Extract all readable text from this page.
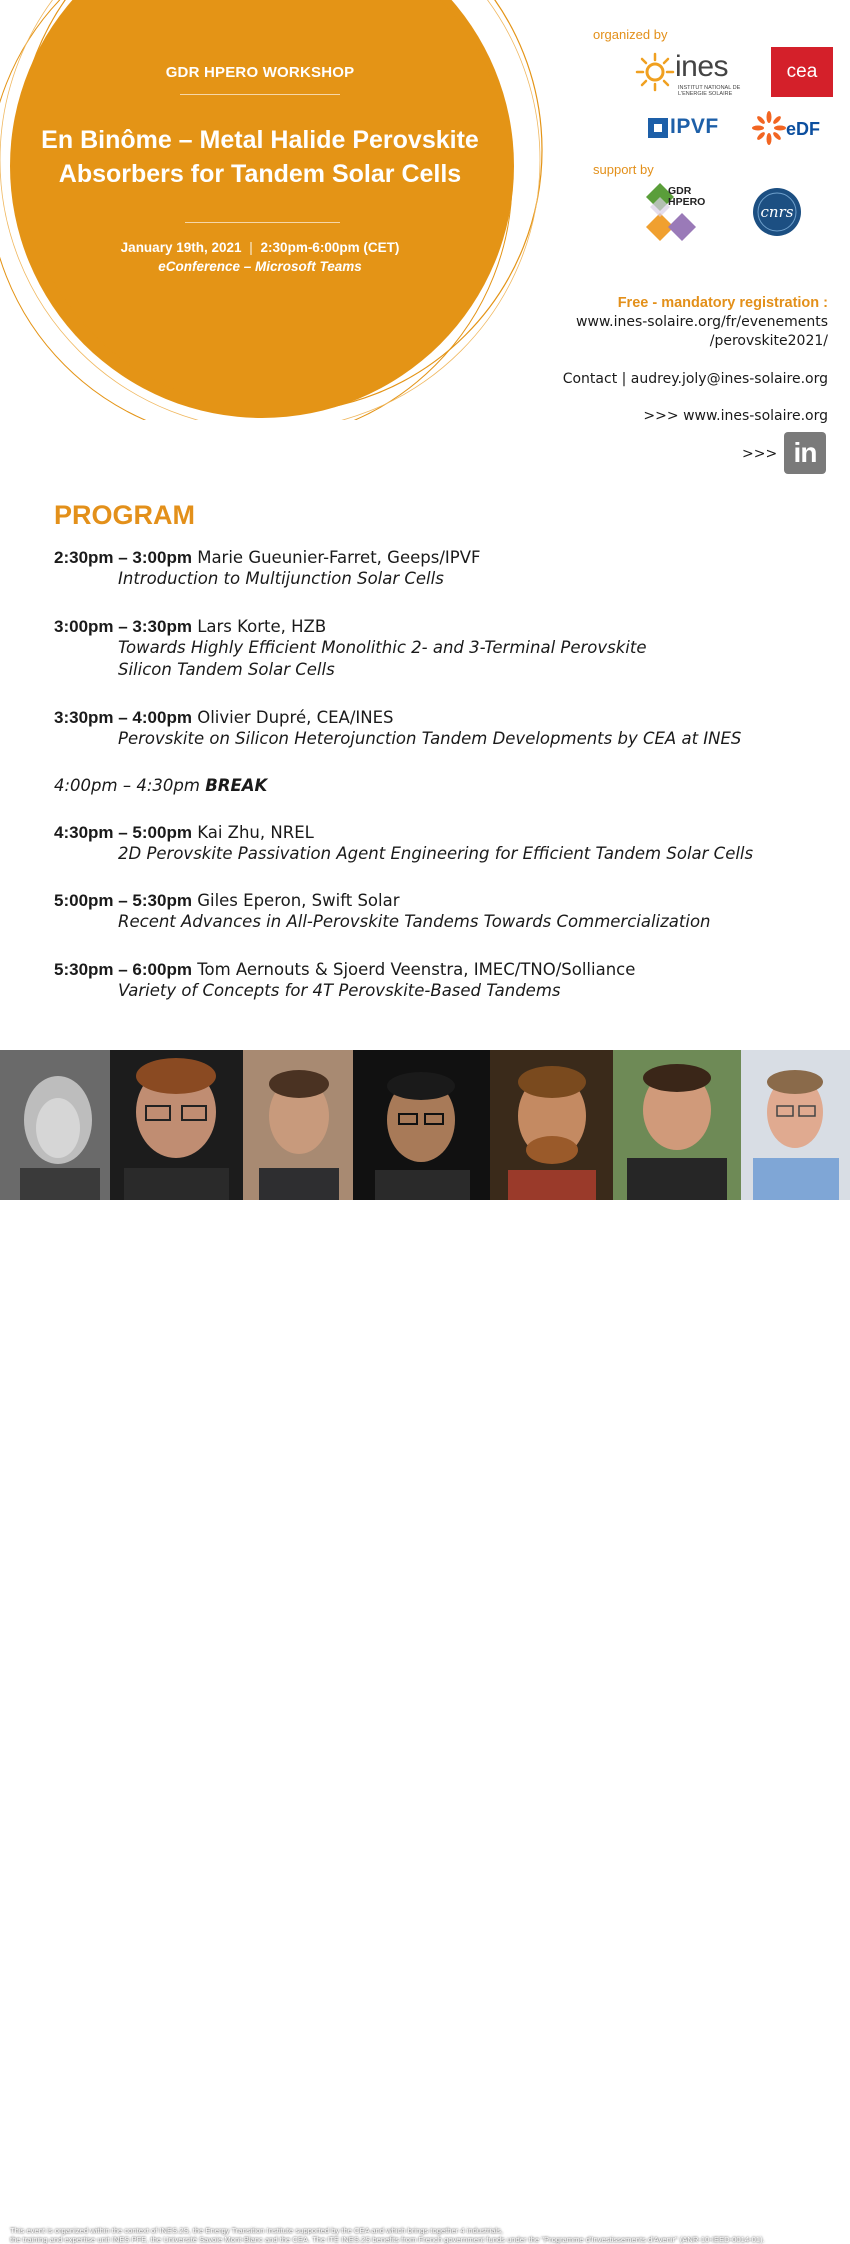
GDR HPERO WORKSHOP
En Binôme – Metal Halide Perovskite
Absorbers for Tandem Solar Cells
January 19th, 2021 | 2:30pm-6:00pm (CET)
eConference – Microsoft Teams
organized by
ines
INSTITUT NATIONAL DE L'ENERGIE SOLAIRE
cea
IPVF	eDF
support by
GDR
HPERO
cnrs
Free - mandatory registration :
www.ines-solaire.org/fr/evenements
/perovskite2021/
Contact | audrey.joly@ines-solaire.org
>>> www.ines-solaire.org
>>> in
PROGRAM
2:30pm – 3:00pm Marie Gueunier-Farret, Geeps/IPVF
Introduction to Multijunction Solar Cells
3:00pm – 3:30pm Lars Korte, HZB
Towards Highly Efficient Monolithic 2- and 3-Terminal Perovskite
Silicon Tandem Solar Cells
3:30pm – 4:00pm Olivier Dupré, CEA/INES
Perovskite on Silicon Heterojunction Tandem Developments by CEA at INES
4:00pm – 4:30pm BREAK
4:30pm – 5:00pm Kai Zhu, NREL
2D Perovskite Passivation Agent Engineering for Efficient Tandem Solar Cells
5:00pm – 5:30pm Giles Eperon, Swift Solar
Recent Advances in All-Perovskite Tandems Towards Commercialization
5:30pm – 6:00pm Tom Aernouts & Sjoerd Veenstra, IMEC/TNO/Solliance
Variety of Concepts for 4T Perovskite-Based Tandems
This event is organized within the context of INES.2S, the Energy Transition Institute supported by the CEA and which brings together 4 industrials,
the training and expertise unit INES PFE, the Université Savoie Mont-Blanc and the CEA. The ITE INES.2S benefits from French government funds under the "Programme d'Investissements d'Avenir" (ANR-10-IEED-0014-01).
